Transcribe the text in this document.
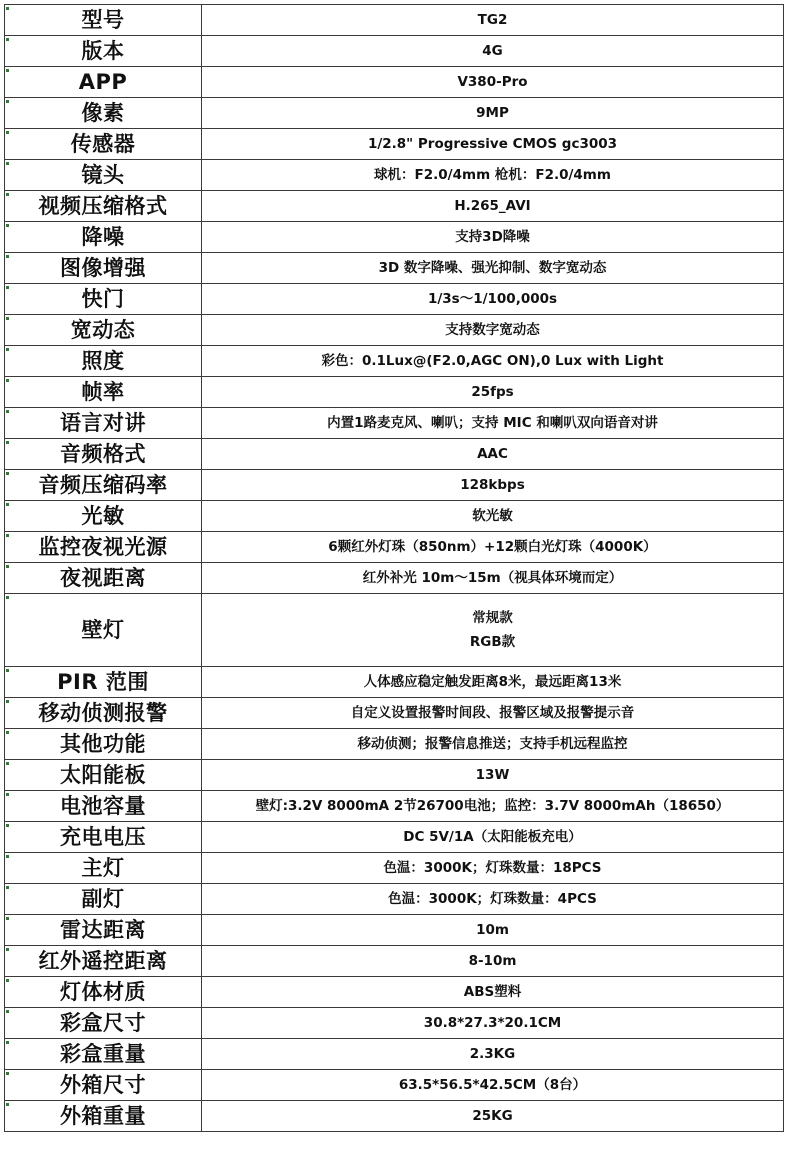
型号	TG2
版本	4G
APP	V380-Pro
像素	9MP
传感器	1/2.8" Progressive CMOS gc3003
镜头	球机：F2.0/4mm 枪机：F2.0/4mm
视频压缩格式	H.265_AVI
降噪	支持3D降噪
图像增强	3D 数字降噪、强光抑制、数字宽动态
快门	1/3s～1/100,000s
宽动态	支持数字宽动态
照度	彩色：0.1Lux@(F2.0,AGC ON),0 Lux with Light
帧率	25fps
语言对讲	内置1路麦克风、喇叭；支持 MIC 和喇叭双向语音对讲
音频格式	AAC
音频压缩码率	128kbps
光敏	软光敏
监控夜视光源	6颗红外灯珠（850nm）+12颗白光灯珠（4000K）
夜视距离	红外补光 10m～15m（视具体环境而定）
壁灯	常规款
RGB款

PIR 范围	人体感应稳定触发距离8米，最远距离13米
移动侦测报警	自定义设置报警时间段、报警区域及报警提示音
其他功能	移动侦测；报警信息推送；支持手机远程监控
太阳能板	13W
电池容量	壁灯:3.2V 8000mA 2节26700电池；监控：3.7V 8000mAh（18650）
充电电压	DC 5V/1A（太阳能板充电）
主灯	色温：3000K；灯珠数量：18PCS
副灯	色温：3000K；灯珠数量：4PCS
雷达距离	10m
红外遥控距离	8-10m
灯体材质	ABS塑料
彩盒尺寸	30.8*27.3*20.1CM
彩盒重量	2.3KG
外箱尺寸	63.5*56.5*42.5CM（8台）
外箱重量	25KG
